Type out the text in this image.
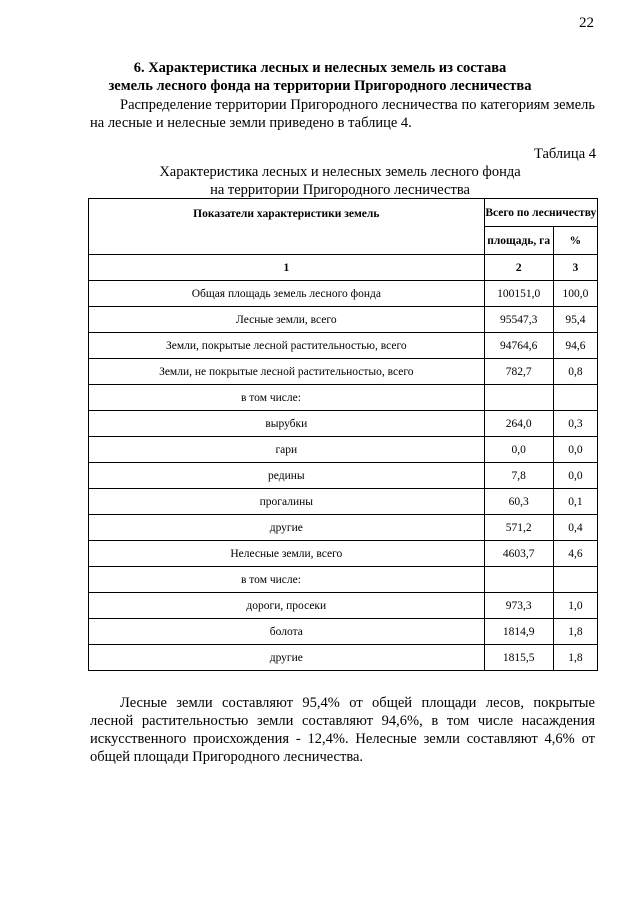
22
6. Характеристика лесных и нелесных земель из состава
земель лесного фонда на территории Пригородного лесничества
Распределение территории Пригородного лесничества по категориям земель на лесные и нелесные земли приведено в таблице 4.
Таблица 4
Характеристика лесных и нелесных земель лесного фонда
на территории Пригородного лесничества
Показатели характеристики земель	Всего по лесничеству	
	площадь, га	%
1	2	3
Общая площадь земель лесного фонда	100151,0	100,0
Лесные земли, всего	95547,3	95,4
Земли, покрытые лесной растительностью, всего	94764,6	94,6
Земли, не покрытые лесной растительностыо, всего	782,7	0,8
в том числе:		
вырубки	264,0	0,3
гари	0,0	0,0
редины	7,8	0,0
прогалины	60,3	0,1
другие	571,2	0,4
Нелесные земли, всего	4603,7	4,6
в том числе:		
дороги, просеки	973,3	1,0
болота	1814,9	1,8
другие	1815,5	1,8
Лесные земли составляют 95,4% от общей площади лесов, покрытые лесной растительностью земли составляют 94,6%, в том числе насаждения искусственного происхождения - 12,4%. Нелесные земли составляют 4,6% от общей площади Пригородного лесничества.
